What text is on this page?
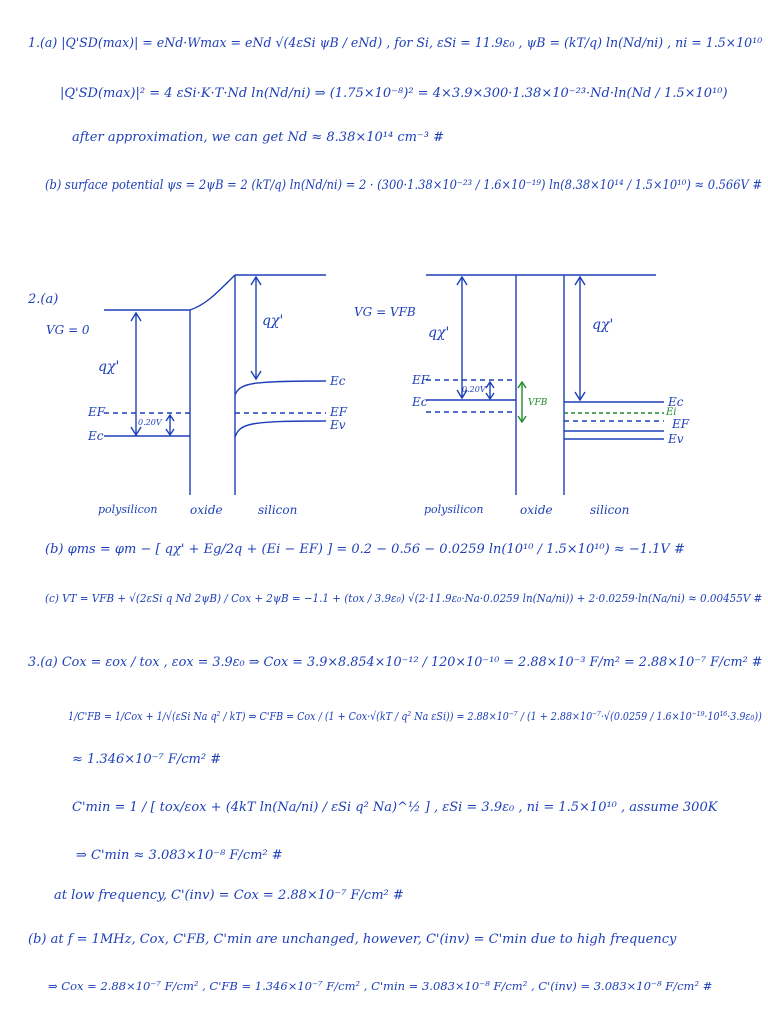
1.(a) |Q'SD(max)| = eNd·Wmax = eNd √(4εSi ψB / eNd) , for Si, εSi = 11.9ε₀ , ψB = (kT/q) ln(Nd/ni) , ni = 1.5×10¹⁰
|Q'SD(max)|² = 4 εSi·K·T·Nd ln(Nd/ni) ⇒ (1.75×10⁻⁸)² = 4×3.9×300·1.38×10⁻²³·Nd·ln(Nd / 1.5×10¹⁰)
after approximation, we can get Nd ≈ 8.38×10¹⁴ cm⁻³ #
(b) surface potential ψs = 2ψB = 2 (kT/q) ln(Nd/ni) = 2 · (300·1.38×10⁻²³ / 1.6×10⁻¹⁹) ln(8.38×10¹⁴ / 1.5×10¹⁰) ≈ 0.566V #
2.(a)
VG = 0
qχ'
qχ'
EF
Ec
0.20V
Ec
EF
Ev
polysilicon	oxide	silicon
VG = VFB
qχ'	qχ'
EF
Ec
0.20V
VFB	Ec
Ei
EF
Ev
polysilicon	oxide	silicon
(b) φms = φm − [ qχ' + Eg/2q + (Ei − EF) ] = 0.2 − 0.56 − 0.0259 ln(10¹⁰ / 1.5×10¹⁰) ≈ −1.1V #
(c) VT = VFB + √(2εSi q Nd 2ψB) / Cox + 2ψB = −1.1 + (tox / 3.9ε₀) √(2·11.9ε₀·Na·0.0259 ln(Na/ni)) + 2·0.0259·ln(Na/ni) ≈ 0.00455V #
3.(a) Cox = εox / tox , εox = 3.9ε₀ ⇒ Cox = 3.9×8.854×10⁻¹² / 120×10⁻¹⁰ = 2.88×10⁻³ F/m² = 2.88×10⁻⁷ F/cm² #
1/C'FB = 1/Cox + 1/√(εSi Na q² / kT) ⇒ C'FB = Cox / (1 + Cox·√(kT / q² Na εSi)) = 2.88×10⁻⁷ / (1 + 2.88×10⁻⁷·√(0.0259 / 1.6×10⁻¹⁹·10¹⁶·3.9ε₀))
≈ 1.346×10⁻⁷ F/cm² #
C'min = 1 / [ tox/εox + (4kT ln(Na/ni) / εSi q² Na)^½ ] , εSi = 3.9ε₀ , ni = 1.5×10¹⁰ , assume 300K
⇒ C'min ≈ 3.083×10⁻⁸ F/cm² #
at low frequency, C'(inv) = Cox = 2.88×10⁻⁷ F/cm² #
(b) at f = 1MHz, Cox, C'FB, C'min are unchanged, however, C'(inv) = C'min due to high frequency
⇒ Cox = 2.88×10⁻⁷ F/cm² , C'FB = 1.346×10⁻⁷ F/cm² , C'min = 3.083×10⁻⁸ F/cm² , C'(inv) = 3.083×10⁻⁸ F/cm² #
